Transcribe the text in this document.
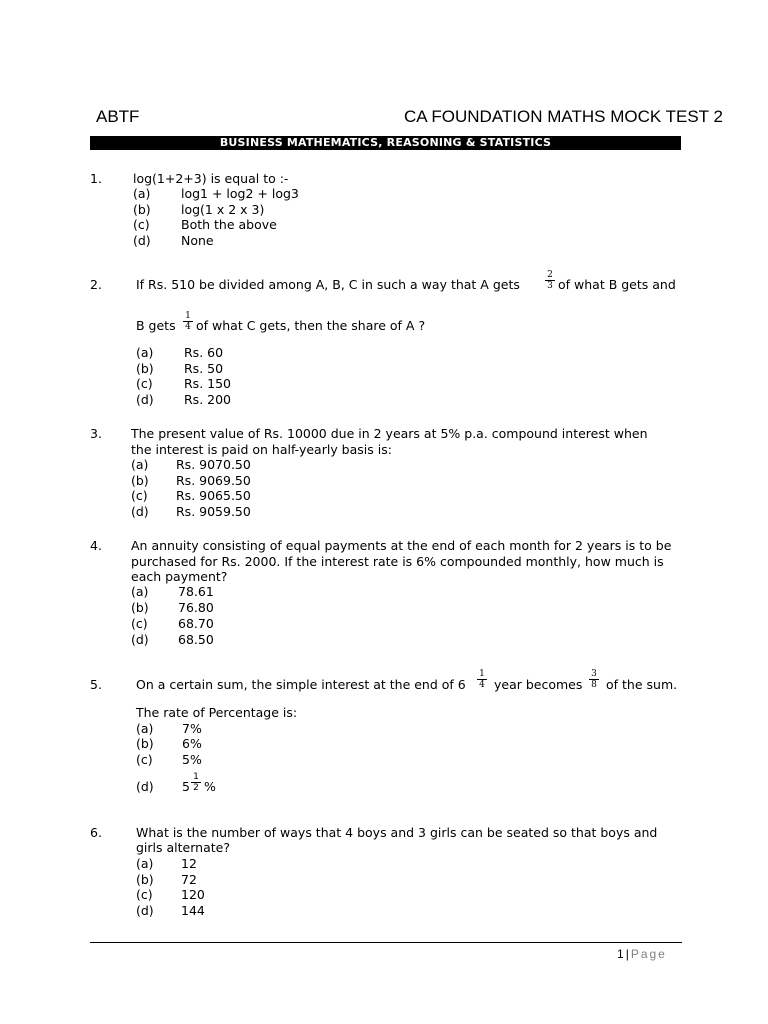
ABTF	CA FOUNDATION MATHS MOCK TEST 2
BUSINESS MATHEMATICS, REASONING & STATISTICS
1. log(1+2+3) is equal to :-
(a) log1 + log2 + log3
(b) log(1 x 2 x 3)
(c)	Both the above
(d) None
2.	If Rs. 510 be divided among A, B, C in such a way that A gets
2
3 of what B gets and
B gets
1
4 of what C gets, then the share of A ?
(a) Rs. 60
(b) Rs. 50
(c)	Rs. 150
(d) Rs. 200
3. The present value of Rs. 10000 due in 2 years at 5% p.a. compound interest when
the interest is paid on half-yearly basis is:
(a) Rs. 9070.50
(b) Rs. 9069.50
(c) Rs. 9065.50
(d) Rs. 9059.50
4. An annuity consisting of equal payments at the end of each month for 2 years is to be
purchased for Rs. 2000. If the interest rate is 6% compounded monthly, how much is
each payment?
(a) 78.61
(b) 76.80
(c) 68.70
(d) 68.50
5.	On a certain sum, the simple interest at the end of 6
1
4 year becomes
3
8 of the sum.
The rate of Percentage is:
(a) 7%
(b) 6%
(c) 5%
(d) 5
1
2 %
6.	What is the number of ways that 4 boys and 3 girls can be seated so that boys and
girls alternate?
(a) 12
(b) 72
(c) 120
(d) 144
1 | Page
